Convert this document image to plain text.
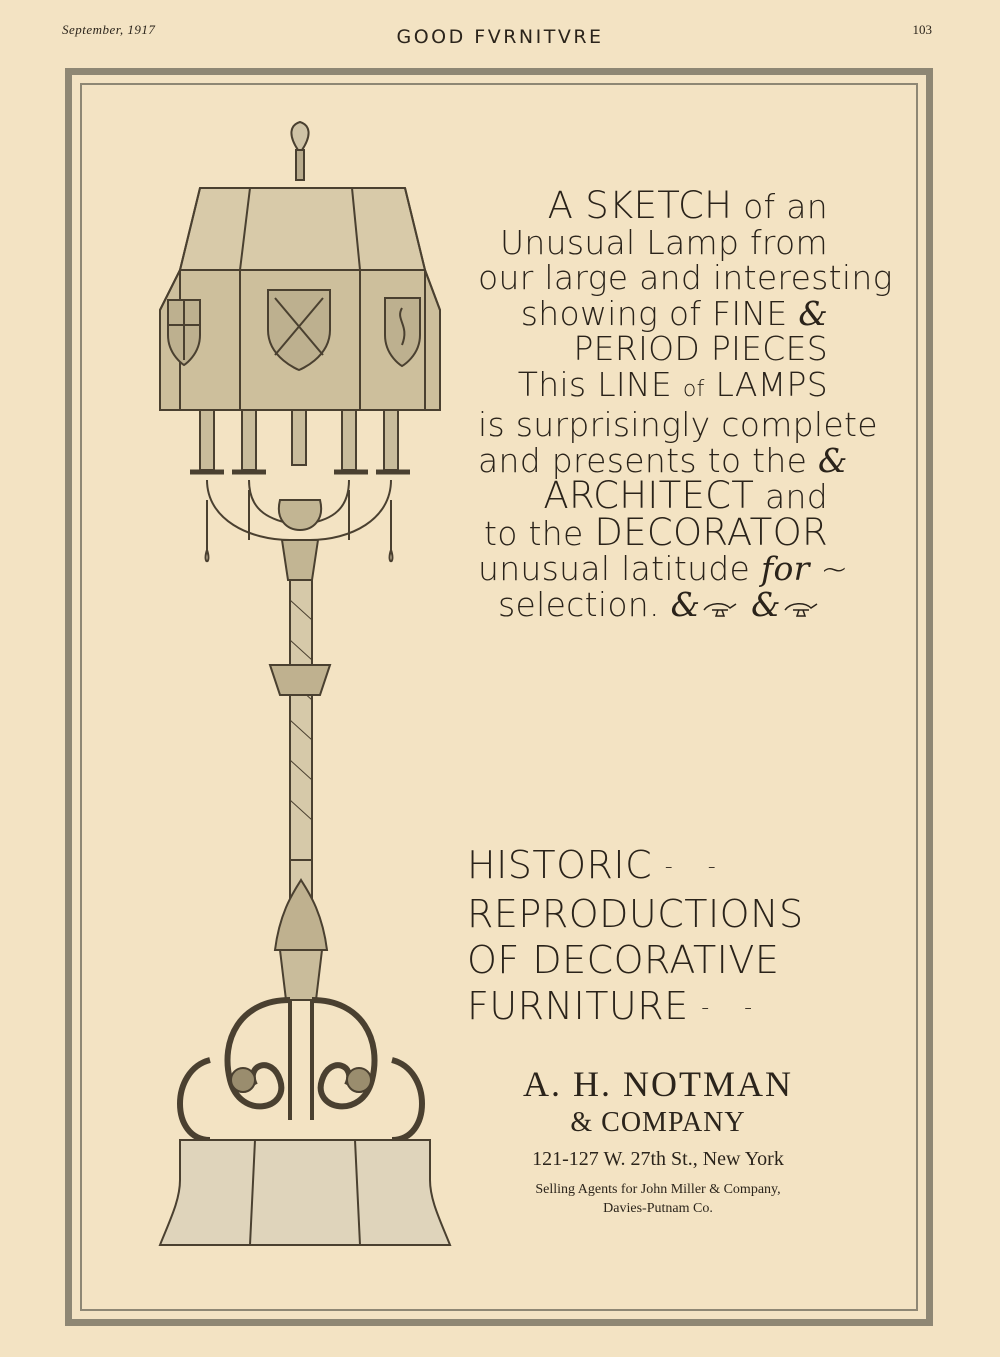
September, 1917	GOOD FVRNITVRE	103
A SKETCH of an
Unusual Lamp from
our large and interesting
showing of FINE &
PERIOD PIECES
This LINE of LAMPS
is surprisingly complete
and presents to the &
ARCHITECT and
to the DECORATOR
unusual latitude for ~
selection. & &
HISTORIC - -
REPRODUCTIONS
OF DECORATIVE
FURNITURE - -
A. H. NOTMAN
& COMPANY
121-127 W. 27th St., New York
Selling Agents for John Miller & Company,
Davies-Putnam Co.
